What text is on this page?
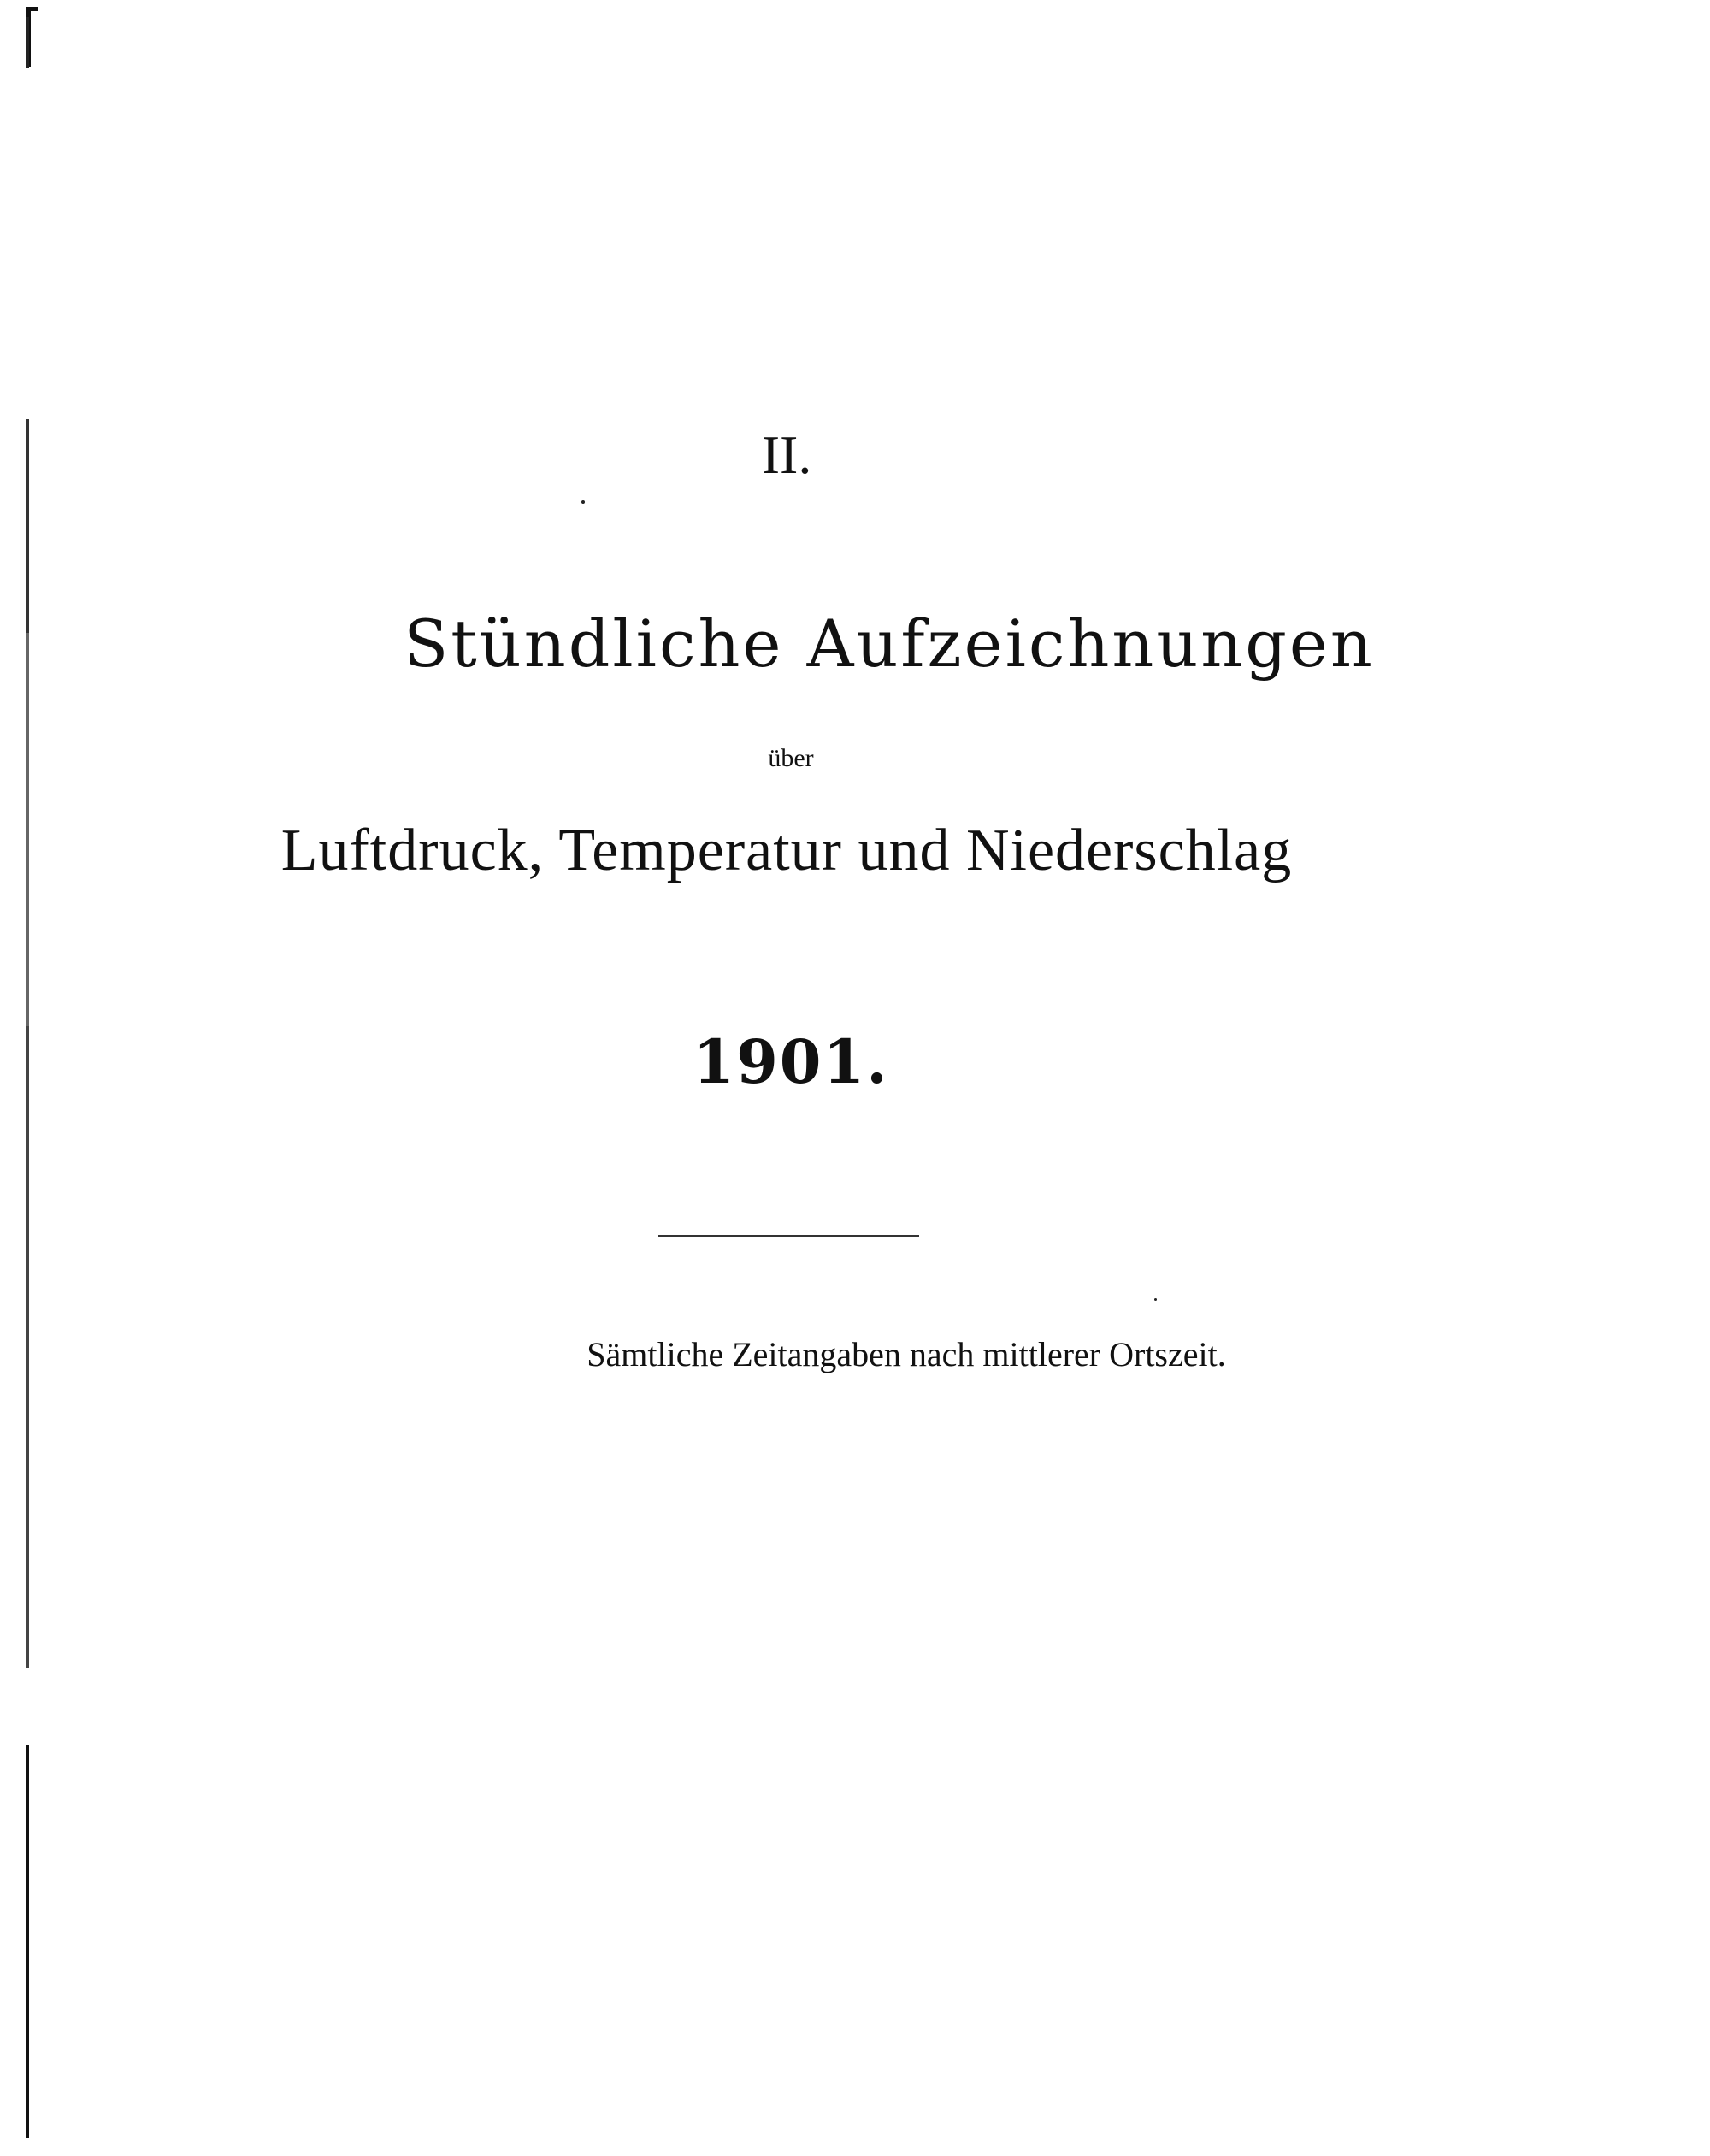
II.
Stündliche Aufzeichnungen
über
Luftdruck, Temperatur und Niederschlag
1901.
Sämtliche Zeitangaben nach mittlerer Ortszeit.
